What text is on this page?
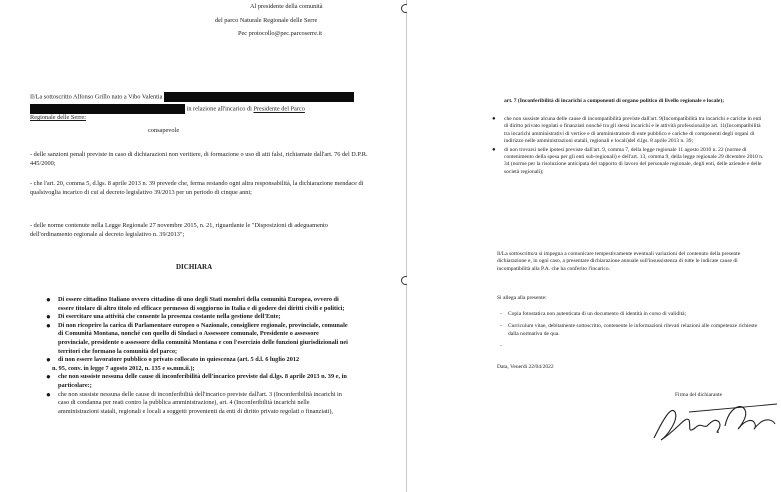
Al presidente della comunità
del parco Naturale Regionale delle Serre
Pec protocollo@pec.parcoserre.it
Il/La sottoscritto Alfonso Grillo nato a Vibo Valentia
in relazione all'incarico di Presidente del Parco
Regionale delle Serre:
consapevole
- delle sanzioni penali previste in caso di dichiarazioni non veritiere, di formazione o uso di atti falsi, richiamate dall'art. 76 del D.P.R. 445/2000;
- che l'art. 20, comma 5, d.lgs. 8 aprile 2013 n. 39 prevede che, ferma restando ogni altra responsabilità, la dichiarazione mendace di qualsivoglia incarico di cui al decreto legislativo 39/2013 per un periodo di cinque anni;
- delle norme contenute nella Legge Regionale 27 novembre 2015, n. 21, riguardante le "Disposizioni di adeguamento dell'ordinamento regionale al decreto legislativo n. 39/2013";
DICHIARA
● Di essere cittadino Italiano ovvero cittadino di uno degli Stati membri della comunità Europea, ovvero di essere titolare di altro titolo ed efficace permesso di soggiorno in Italia e di godere dei diritti civili e politici;
● Di esercitare una attività che consente la presenza costante nella gestione dell'Ente;
● Di non ricoprire la carica di Parlamentare europeo o Nazionale, consigliere regionale, provinciale, comunale di Comunità Montana, nonché con quello di Sindaci o Assessore comunale, Presidente o assessore provinciale, presidente o assessore della comunità Montana e con l'esercizio delle funzioni giurisdizionali nei territori che formano la comunità del parco;
● di non essere lavoratore pubblico o privato collocato in quiescenza (art. 5 d.l. 6 luglio 2012
n. 95, conv. in legge 7 agosto 2012, n. 135 e ss.mm.ii.);
● che non sussiste nessuna delle cause di inconferibilità dell'incarico previste dal d.lgs. 8 aprile 2013 n. 39 e, in particolare:;
● che non sussiste nessuna delle cause di inconferibilità dell'incarico previste dall'art. 3 (Inconferibilità incarichi in caso di condanna per reati contro la pubblica amministrazione), art. 4 (Inconferibilità incarichi nelle amministrazioni statali, regionali e locali a soggetti provenienti da enti di diritto privato regolati o finanziati),
art. 7 (Inconferibilità di incarichi a componenti di organo politico di livello regionale e locale);
● che non sussiste alcuna delle cause di incompatibilità previste dall'art. 9(Incompatibilità tra incarichi e cariche in enti di diritto privato regolati o finanziati nonché tra gli stessi incarichi e le attività professionali)e art. 11(Incompatibilità tra incarichi amministrativi di vertice e di amministratore di ente pubblico e cariche di componenti degli organi di indirizzo nelle amministrazioni statali, regionali e locali)del d.lgs. 8 aprile 2013 n. 39;
● di non trovarsi nelle ipotesi previste dall'art. 9, comma 7, della legge regionale 11 agosto 2010 n. 22 (norme di contenimento della spesa per gli enti sub-regionali) e dell'art. 13, comma 9, della legge regionale 29 dicembre 2010 n. 34 (norme per la risoluzione anticipata del rapporto di lavoro del personale regionale, degli enti, delle aziende e delle società regionali);
Il/La sottoscritto/a si impegna a comunicare tempestivamente eventuali variazioni del contenuto della presente dichiarazione e, in ogni caso, a presentare dichiarazione annuale sull'insussistenza di tutte le indicate cause di incompatibilità alla P.A. che ha conferito l'incarico.
Si allega alla presente:
- Copia fotostatica non autenticata di un documento di identità in corso di validità;
- Curriculum vitae, debitamente sottoscritto, contenente le informazioni rilevati relazioni alle competenze richieste dalla normativa de qua.
-

Data, Venerdì 22/04/2022
Firma del dichiarante
